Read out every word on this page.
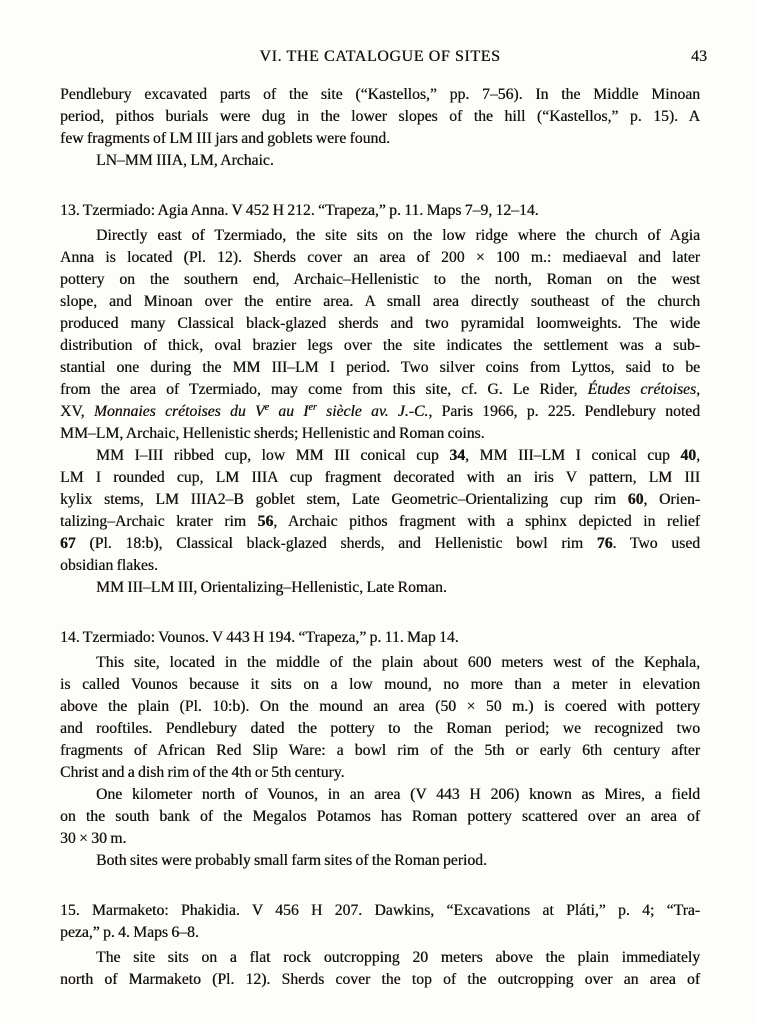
VI. THE CATALOGUE OF SITES	43
Pendlebury excavated parts of the site (“Kastellos,” pp. 7–56). In the Middle Minoan
period, pithos burials were dug in the lower slopes of the hill (“Kastellos,” p. 15). A
few fragments of LM III jars and goblets were found.
LN–MM IIIA, LM, Archaic.
13. Tzermiado: Agia Anna. V 452 H 212. “Trapeza,” p. 11. Maps 7–9, 12–14.
Directly east of Tzermiado, the site sits on the low ridge where the church of Agia
Anna is located (Pl. 12). Sherds cover an area of 200 × 100 m.: mediaeval and later
pottery on the southern end, Archaic–Hellenistic to the north, Roman on the west
slope, and Minoan over the entire area. A small area directly southeast of the church
produced many Classical black-glazed sherds and two pyramidal loomweights. The wide
distribution of thick, oval brazier legs over the site indicates the settlement was a sub-
stantial one during the MM III–LM I period. Two silver coins from Lyttos, said to be
from the area of Tzermiado, may come from this site, cf. G. Le Rider, Études crétoises,
XV, Monnaies crétoises du Ve au Ier siècle av. J.-C., Paris 1966, p. 225. Pendlebury noted
MM–LM, Archaic, Hellenistic sherds; Hellenistic and Roman coins.
MM I–III ribbed cup, low MM III conical cup 34, MM III–LM I conical cup 40,
LM I rounded cup, LM IIIA cup fragment decorated with an iris V pattern, LM III
kylix stems, LM IIIA2–B goblet stem, Late Geometric–Orientalizing cup rim 60, Orien-
talizing–Archaic krater rim 56, Archaic pithos fragment with a sphinx depicted in relief
67 (Pl. 18:b), Classical black-glazed sherds, and Hellenistic bowl rim 76. Two used
obsidian flakes.
MM III–LM III, Orientalizing–Hellenistic, Late Roman.
14. Tzermiado: Vounos. V 443 H 194. “Trapeza,” p. 11. Map 14.
This site, located in the middle of the plain about 600 meters west of the Kephala,
is called Vounos because it sits on a low mound, no more than a meter in elevation
above the plain (Pl. 10:b). On the mound an area (50 × 50 m.) is coered with pottery
and rooftiles. Pendlebury dated the pottery to the Roman period; we recognized two
fragments of African Red Slip Ware: a bowl rim of the 5th or early 6th century after
Christ and a dish rim of the 4th or 5th century.
One kilometer north of Vounos, in an area (V 443 H 206) known as Mires, a field
on the south bank of the Megalos Potamos has Roman pottery scattered over an area of
30 × 30 m.
Both sites were probably small farm sites of the Roman period.
15. Marmaketo: Phakidia. V 456 H 207. Dawkins, “Excavations at Pláti,” p. 4; “Tra-
peza,” p. 4. Maps 6–8.
The site sits on a flat rock outcropping 20 meters above the plain immediately
north of Marmaketo (Pl. 12). Sherds cover the top of the outcropping over an area of
